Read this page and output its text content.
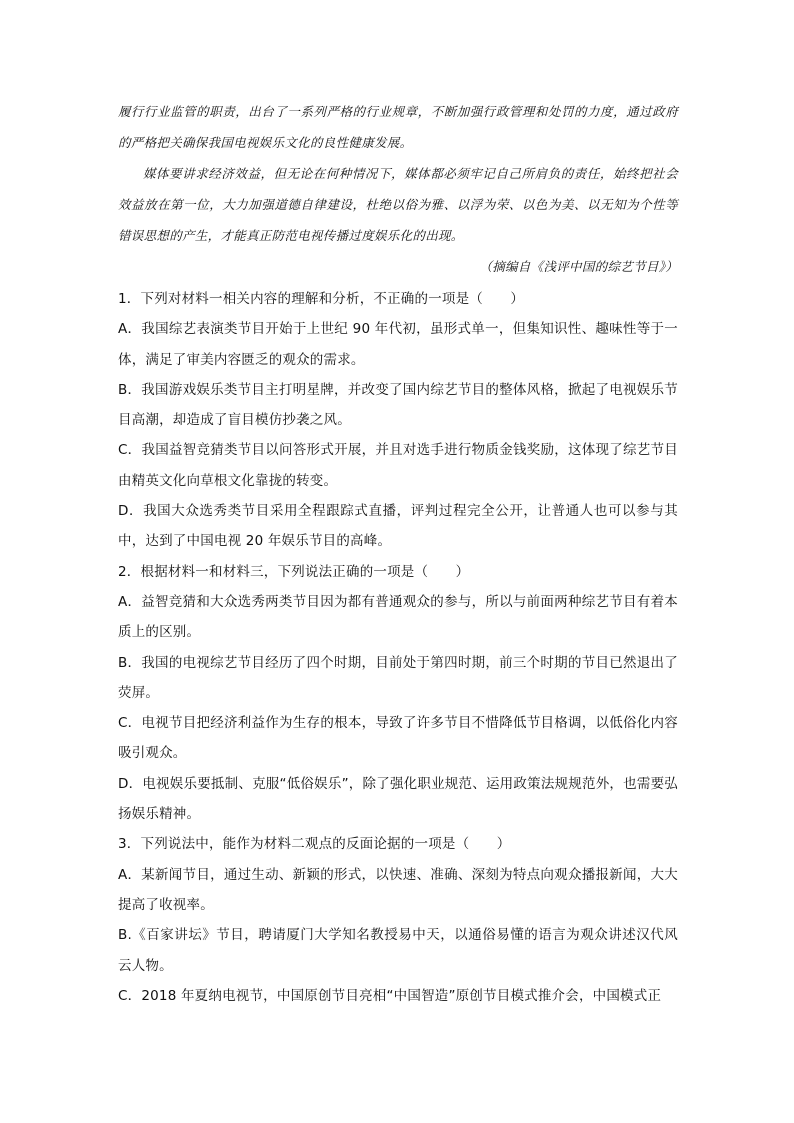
履行行业监管的职责，出台了一系列严格的行业规章，不断加强行政管理和处罚的力度，通过政府的严格把关确保我国电视娱乐文化的良性健康发展。

媒体要讲求经济效益，但无论在何种情况下，媒体都必须牢记自己所肩负的责任，始终把社会效益放在第一位，大力加强道德自律建设，杜绝以俗为雅、以浮为荣、以色为美、以无知为个性等错误思想的产生，才能真正防范电视传播过度娱乐化的出现。

（摘编自《浅评中国的综艺节目》）

1．下列对材料一相关内容的理解和分析，不正确的一项是（　　）

A．我国综艺表演类节目开始于上世纪 90 年代初，虽形式单一，但集知识性、趣味性等于一体，满足了审美内容匮乏的观众的需求。

B．我国游戏娱乐类节目主打明星牌，并改变了国内综艺节目的整体风格，掀起了电视娱乐节目高潮，却造成了盲目模仿抄袭之风。

C．我国益智竞猜类节目以问答形式开展，并且对选手进行物质金钱奖励，这体现了综艺节目由精英文化向草根文化靠拢的转变。

D．我国大众选秀类节目采用全程跟踪式直播，评判过程完全公开，让普通人也可以参与其中，达到了中国电视 20 年娱乐节目的高峰。

2．根据材料一和材料三，下列说法正确的一项是（　　）

A．益智竞猜和大众选秀两类节目因为都有普通观众的参与，所以与前面两种综艺节目有着本质上的区别。

B．我国的电视综艺节目经历了四个时期，目前处于第四时期，前三个时期的节目已然退出了荧屏。

C．电视节目把经济利益作为生存的根本，导致了许多节目不惜降低节目格调，以低俗化内容吸引观众。

D．电视娱乐要抵制、克服“低俗娱乐”，除了强化职业规范、运用政策法规规范外，也需要弘扬娱乐精神。

3．下列说法中，能作为材料二观点的反面论据的一项是（　　）

A．某新闻节目，通过生动、新颖的形式，以快速、准确、深刻为特点向观众播报新闻，大大提高了收视率。

B.《百家讲坛》节目，聘请厦门大学知名教授易中天，以通俗易懂的语言为观众讲述汉代风云人物。

C．2018 年夏纳电视节，中国原创节目亮相“中国智造”原创节目模式推介会，中国模式正
